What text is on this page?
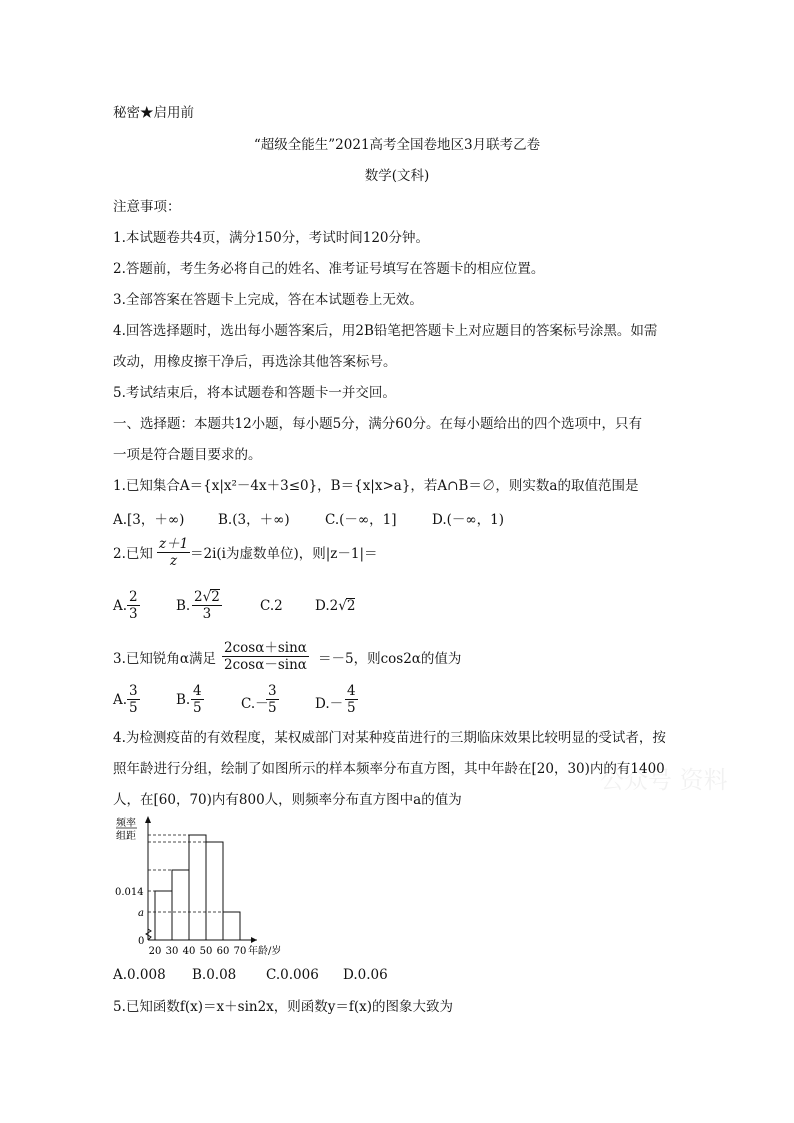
秘密★启用前
“超级全能生”2021高考全国卷地区3月联考乙卷
数学(文科)
注意事项：
1.本试题卷共4页，满分150分，考试时间120分钟。
2.答题前，考生务必将自己的姓名、准考证号填写在答题卡的相应位置。
3.全部答案在答题卡上完成，答在本试题卷上无效。
4.回答选择题时，选出每小题答案后，用2B铅笔把答题卡上对应题目的答案标号涂黑。如需
改动，用橡皮擦干净后，再选涂其他答案标号。
5.考试结束后，将本试题卷和答题卡一并交回。
一、选择题：本题共12小题，每小题5分，满分60分。在每小题给出的四个选项中，只有
一项是符合题目要求的。
1.已知集合A＝{x|x²－4x＋3≤0}，B＝{x|x>a}，若A∩B＝∅，则实数a的取值范围是
A.[3，＋∞) B.(3，＋∞)	C.(－∞，1]	D.(－∞，1)
2.已知 $\frac{z+1}{z} =2i(i$为虚数单位)，则|z－1|＝
A. $\frac{2}{3}$	B. $\frac{2√2}{3}$	C.2 D.2√2
3.已知锐角α满足 $\frac{2\cos\alpha+\sin\alpha}{2\cos\alpha-\sin\alpha} =-5$，则cos2α的值为
A. $\frac{3}{5}$	B. $\frac{4}{5}$	C.－
$\frac{3}{5}$	$D.- \frac{4}{5}$
4.为检测疫苗的有效程度，某权威部门对某种疫苗进行的三期临床效果比较明显的受试者，按
照年龄进行分组，绘制了如图所示的样本频率分布直方图，其中年龄在[20，30)内的有1400
人，在[60，70)内有800人，则频率分布直方图中a的值为
频率
组距
0
0.014
a
20 30 40 50 60 70 年龄/岁
A.0.008 B.0.08 C.0.006 D.0.06
5.已知函数f(x)＝x＋sin2x，则函数y＝f(x)的图象大致为
公众号 资料
